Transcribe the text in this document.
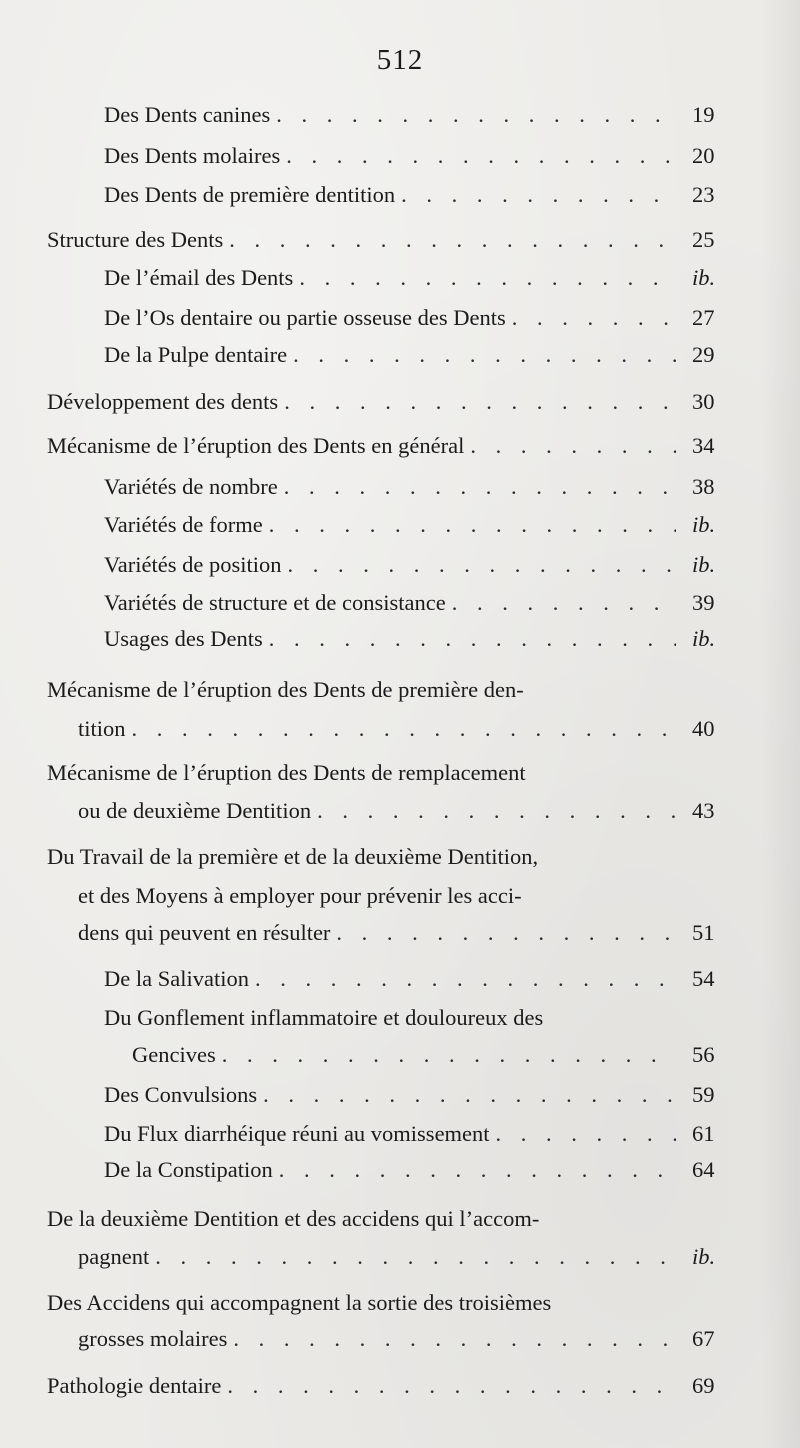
512
Des Dents canines . . .	19
Des Dents molaires . . .	20
Des Dents de première dentition . . .	23
Structure des Dents . . .	25
De l’émail des Dents . . .	ib.
De l’Os dentaire ou partie osseuse des Dents . . .	27
De la Pulpe dentaire . . .	29
Développement des dents . . .	30
Mécanisme de l’éruption des Dents en général . . .	34
Variétés de nombre . . .	38
Variétés de forme . . .	ib.
Variétés de position . . .	ib.
Variétés de structure et de consistance . . .	39
Usages des Dents . . .	ib.
Mécanisme de l’éruption des Dents de première den-
tition . . .	40
Mécanisme de l’éruption des Dents de remplacement
ou de deuxième Dentition . . .	43
Du Travail de la première et de la deuxième Dentition,
et des Moyens à employer pour prévenir les acci-
dens qui peuvent en résulter . . .	51
De la Salivation . . .	54
Du Gonflement inflammatoire et douloureux des
Gencives . . .	56
Des Convulsions . . .	59
Du Flux diarrhéique réuni au vomissement . . .	61
De la Constipation . . .	64
De la deuxième Dentition et des accidens qui l’accom-
pagnent . . .	ib.
Des Accidens qui accompagnent la sortie des troisièmes
grosses molaires . . .	67
Pathologie dentaire . . .	69
